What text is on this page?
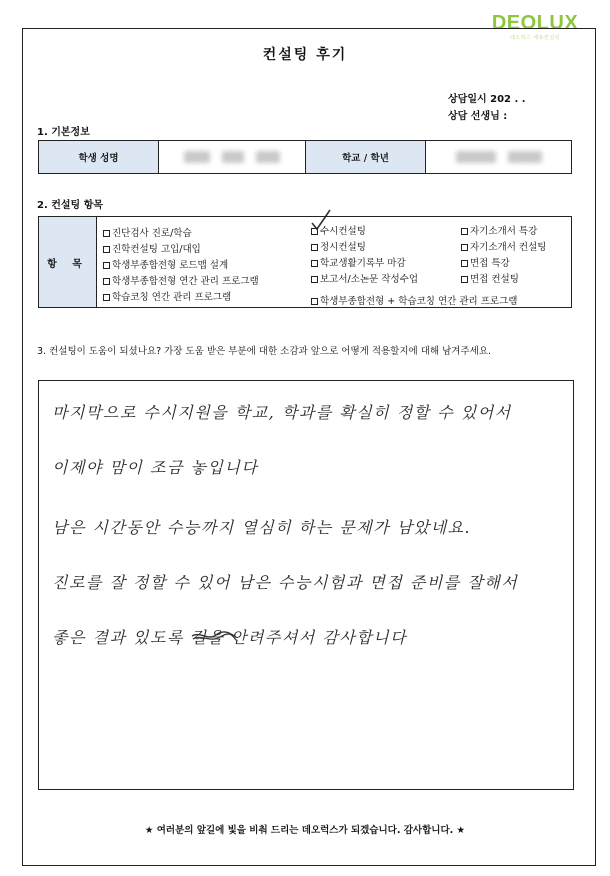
DEOLUX
데오럭스 에듀컨설팅
컨설팅 후기
상담일시 202 . .
상담 선생님 :
1. 기본정보
학생 성명	학교 / 학년
2. 컨설팅 항목
항 목
진단검사 진로/학습
진학컨설팅 고입/대입
학생부종합전형 로드맵 설계
학생부종합전형 연간 관리 프로그램
학습코칭 연간 관리 프로그램
수시컨설팅
정시컨설팅
학교생활기록부 마감
보고서/소논문 작성수업
학생부종합전형 + 학습코칭 연간 관리 프로그램
자기소개서 특강
자기소개서 컨설팅
면접 특강
면접 컨설팅
3. 컨설팅이 도움이 되셨나요? 가장 도움 받은 부분에 대한 소감과 앞으로 어떻게 적용할지에 대해 남겨주세요.
마지막으로 수시지원을 학교, 학과를 확실히 정할 수 있어서
이제야 맘이 조금 놓입니다
남은 시간동안 수능까지 열심히 하는 문제가 남았네요.
진로를 잘 정할 수 있어 남은 수능시험과 면접 준비를 잘해서
좋은 결과 있도록 길을 안려주셔서 감사합니다
★ 여러분의 앞길에 빛을 비춰 드리는 데오럭스가 되겠습니다. 감사합니다. ★
